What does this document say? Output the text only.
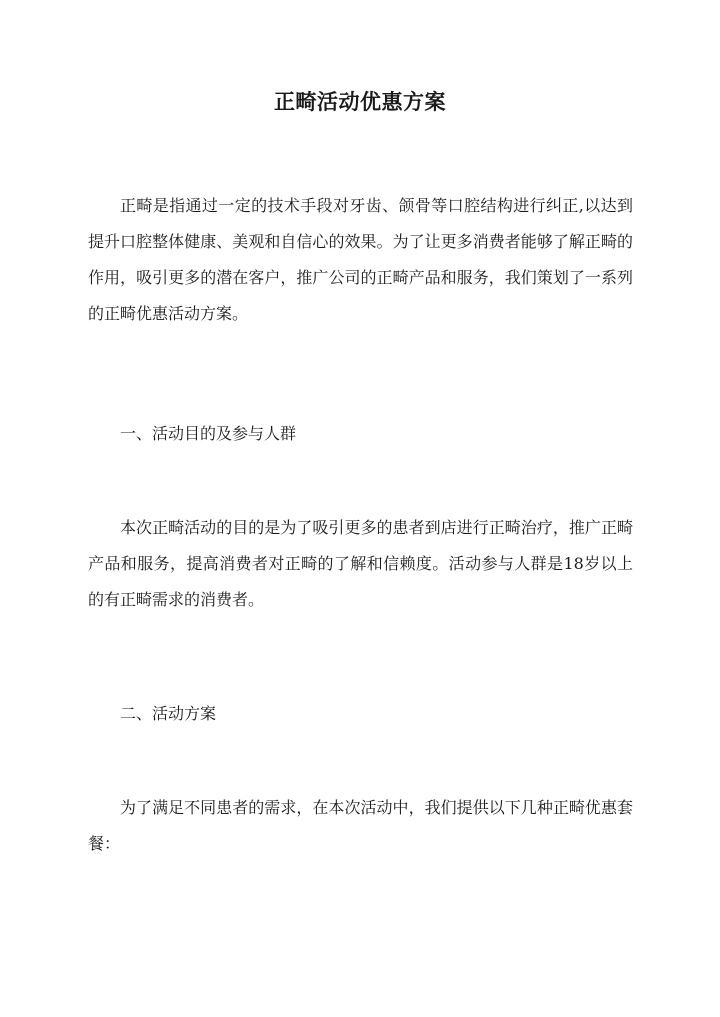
正畸活动优惠方案

正畸是指通过一定的技术手段对牙齿、颌骨等口腔结构进行纠正,以达到提升口腔整体健康、美观和自信心的效果。为了让更多消费者能够了解正畸的作用，吸引更多的潜在客户，推广公司的正畸产品和服务，我们策划了一系列的正畸优惠活动方案。

一、活动目的及参与人群

本次正畸活动的目的是为了吸引更多的患者到店进行正畸治疗，推广正畸产品和服务，提高消费者对正畸的了解和信赖度。活动参与人群是18岁以上的有正畸需求的消费者。

二、活动方案

为了满足不同患者的需求，在本次活动中，我们提供以下几种正畸优惠套餐：
